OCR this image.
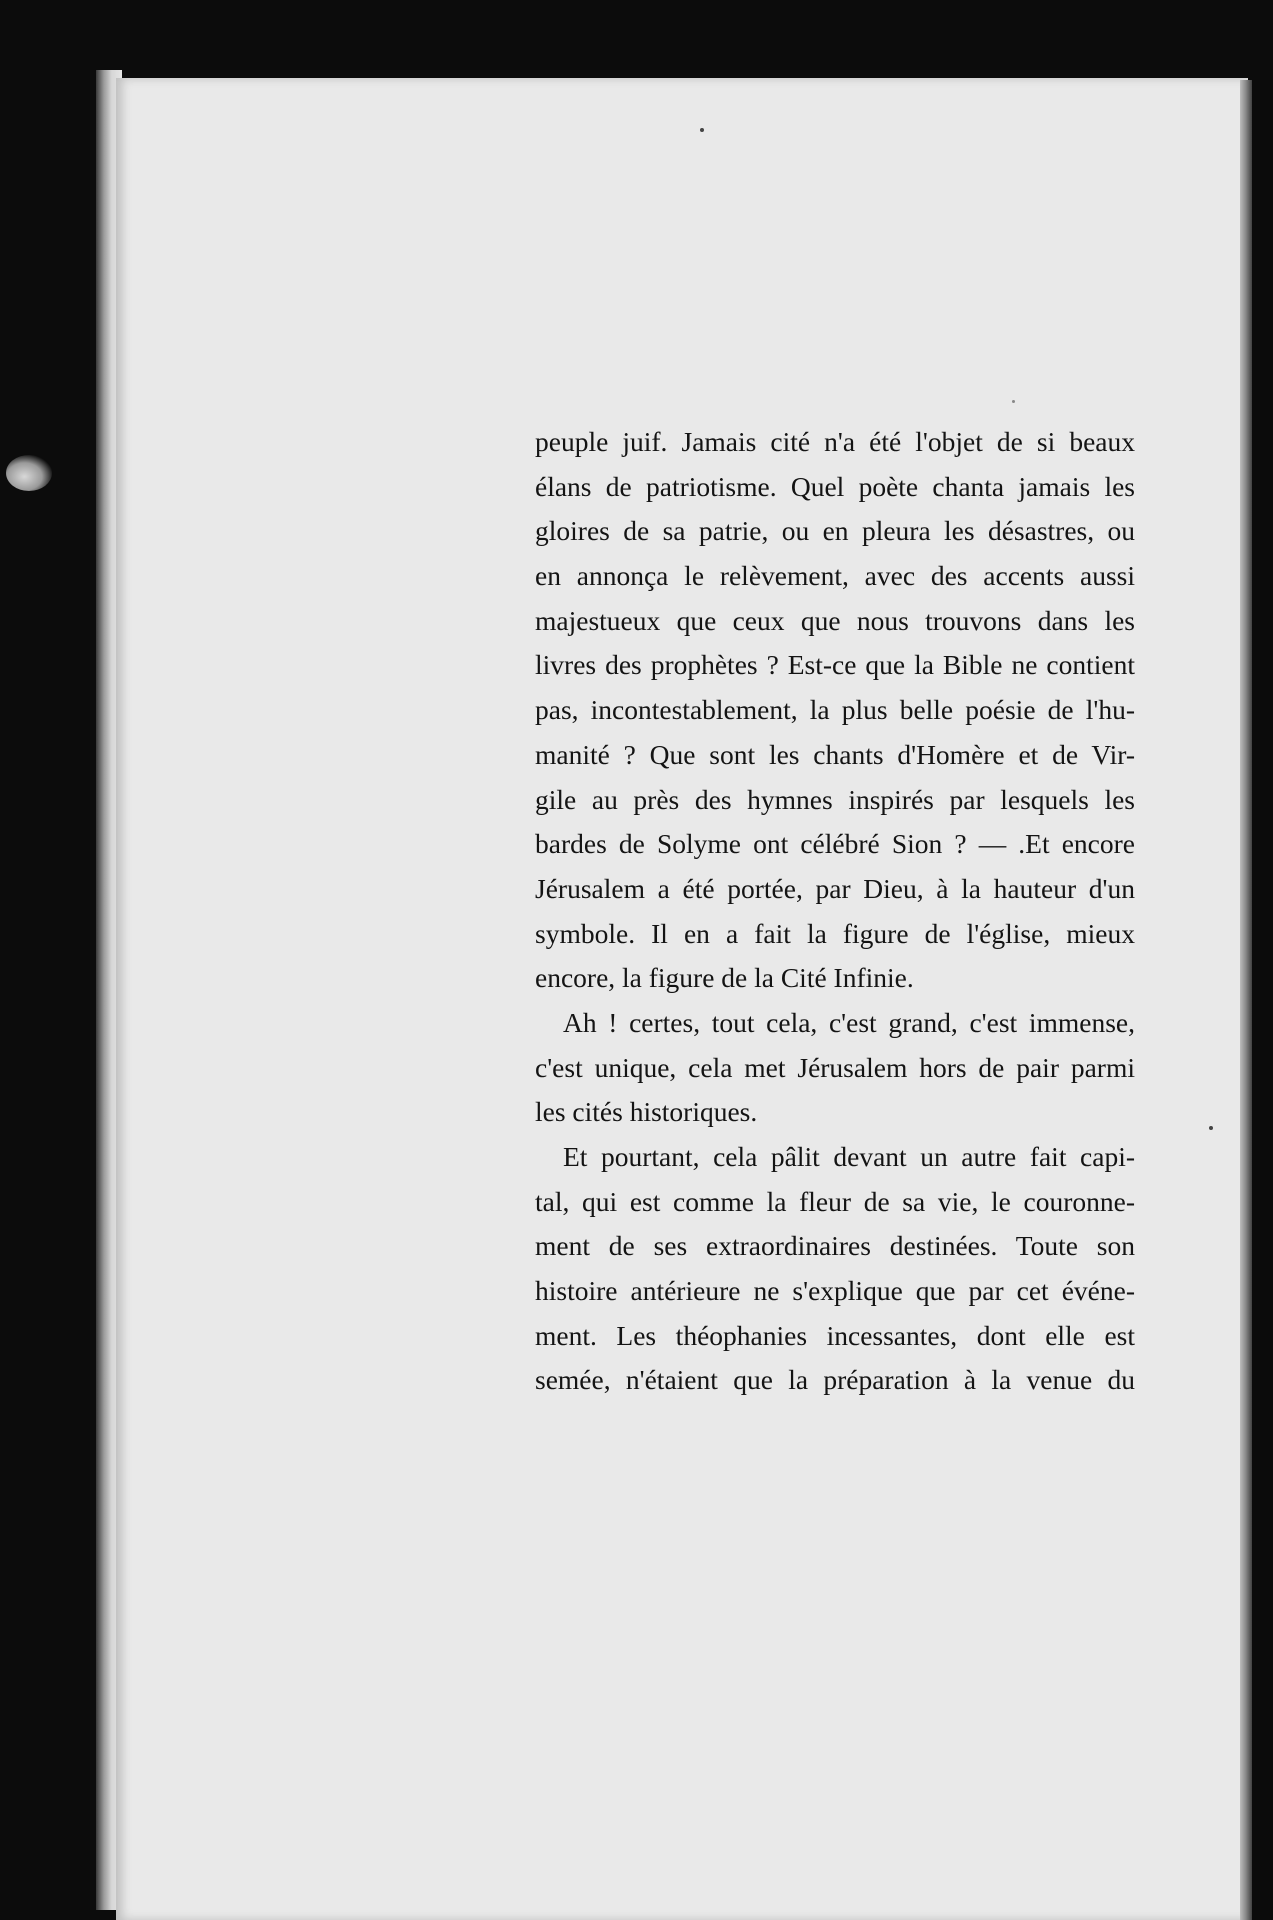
peuple juif. Jamais cité n'a été l'objet de si beaux
élans de patriotisme. Quel poète chanta jamais les
gloires de sa patrie, ou en pleura les désastres, ou
en annonça le relèvement, avec des accents aussi
majestueux que ceux que nous trouvons dans les
livres des prophètes ? Est-ce que la Bible ne contient
pas, incontestablement, la plus belle poésie de l'hu-
manité ? Que sont les chants d'Homère et de Vir-
gile au près des hymnes inspirés par lesquels les
bardes de Solyme ont célébré Sion ? — .Et encore
Jérusalem a été portée, par Dieu, à la hauteur d'un
symbole. Il en a fait la figure de l'église, mieux
encore, la figure de la Cité Infinie.
Ah ! certes, tout cela, c'est grand, c'est immense,
c'est unique, cela met Jérusalem hors de pair parmi
les cités historiques.
Et pourtant, cela pâlit devant un autre fait capi-
tal, qui est comme la fleur de sa vie, le couronne-
ment de ses extraordinaires destinées. Toute son
histoire antérieure ne s'explique que par cet événe-
ment. Les théophanies incessantes, dont elle est
semée, n'étaient que la préparation à la venue du
